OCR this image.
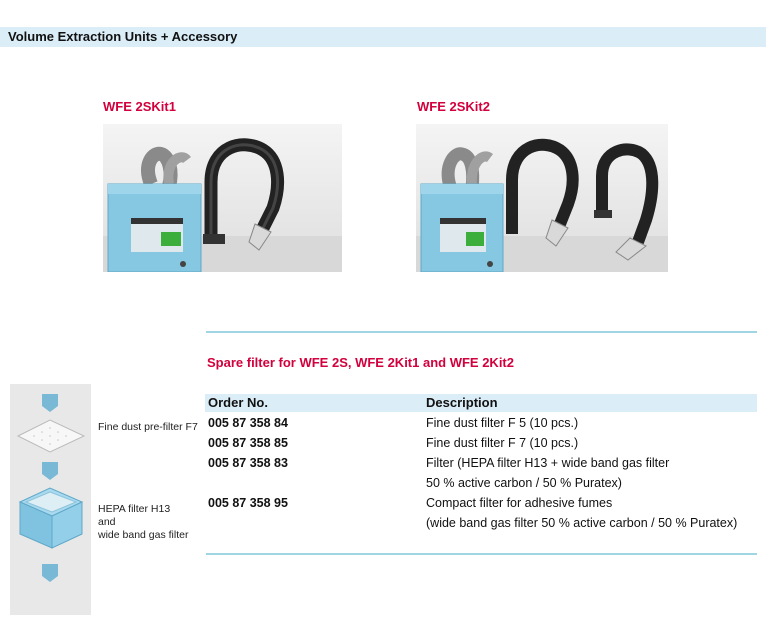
Volume Extraction Units + Accessory
WFE 2SKit1	WFE 2SKit2
Spare filter for WFE 2S, WFE 2Kit1 and WFE 2Kit2
Order No.	Description
005 87 358 84	Fine dust filter F 5 (10 pcs.)
005 87 358 85	Fine dust filter F 7 (10 pcs.)
005 87 358 83	Filter (HEPA filter H13 + wide band gas filter
50 % active carbon / 50 % Puratex)
005 87 358 95	Compact filter for adhesive fumes
(wide band gas filter 50 % active carbon / 50 % Puratex)
Fine dust pre-filter F7
HEPA filter H13
and
wide band gas filter
